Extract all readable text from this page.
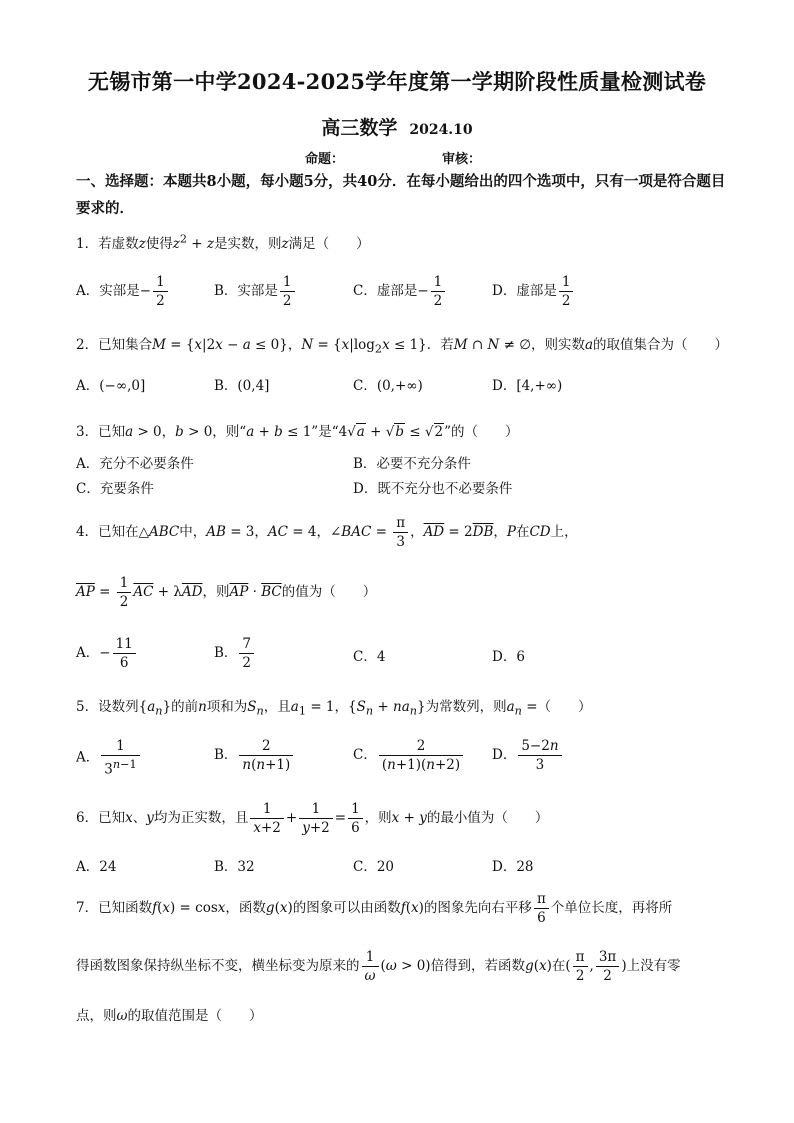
无锡市第一中学2024-2025学年度第一学期阶段性质量检测试卷
高三数学 2024.10
命题：	审核：
一、选择题：本题共8小题，每小题5分，共40分．在每小题给出的四个选项中，只有一项是符合题目要求的．
1．若虚数z使得$z^2 + z$是实数，则z满足（　　）
A．实部是− $\frac{1}{2}$	B．实部是 $\frac{1}{2}$	C．虚部是− $\frac{1}{2}$	D．虚部是 $\frac{1}{2}$
2．已知集合M = {x|2x − a ≤ 0}，$N = \{x|\log_2x \le 1\}$．若M ∩ N ≠ ∅，则实数a的取值集合为（　　）
A．(−∞,0]	B．(0,4]	C．(0,+∞)	D．[4,+∞)
3．已知a > 0，b > 0，则“a + b ≤ 1”是“4√a + √b ≤ √2”的（　　）
A．充分不必要条件	B．必要不充分条件
C．充要条件	D．既不充分也不必要条件
4．已知在△ABC中，AB = 3，AC = 4，∠BAC = $\frac{\pi}{3}$ ，$\overline{AD} = 2\overline{DB}$，P在CD上，
$\overline{AP} = \frac{1}{2} \overline{AC} + \lambda\overline{AD}$，则$\overline{AP} \cdot \overline{BC}$的值为（　　）
A．− $\frac{11}{6}$	B． $\frac{7}{2}$	C．4	D．6
5．设数列$\{a_n\}$的前n项和为$S_n$，且$a_1 = 1$，$\{S_n + na_n\}$为常数列，则$a_n$ =（　　）
A． $\frac{1}{3^{n-1}}$	B． $\frac{2}{n(n+1)}$	C． $\frac{2}{(n+1)(n+2)}$ D． $\frac{5-2n}{3}$
6．已知x、y均为正实数，且 $\frac{1}{x+2} + \frac{1}{y+2} = \frac{1}{6}$ ，则x + y的最小值为（　　）
A．24	B．32	C．20	D．28
7．已知函数f(x) = cosx，函数g(x)的图象可以由函数f(x)的图象先向右平移 $\frac{\pi}{6}$ 个单位长度，再将所
得函数图象保持纵坐标不变，横坐标变为原来的 $\frac{1}{\omega} (\omega > 0)$倍得到，若函数g(x)在( $\frac{\pi}{2}$ , $\frac{3\pi}{2}$ )上没有零
点，则ω的取值范围是（　　）
